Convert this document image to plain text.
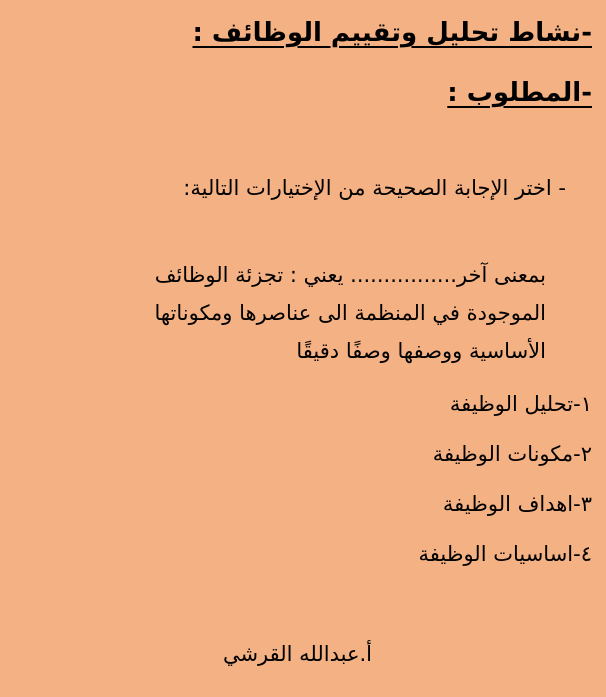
-نشاط تحليل وتقييم الوظائف :
-المطلوب :
- اختر الإجابة الصحيحة من الإختيارات التالية:
بمعنى آخر................ يعني : تجزئة الوظائف
الموجودة في المنظمة الى عناصرها ومكوناتها
الأساسية ووصفها وصفًا دقيقًا
١-تحليل الوظيفة
٢-مكونات الوظيفة
٣-اهداف الوظيفة
٤-اساسيات الوظيفة
أ.عبدالله القرشي
